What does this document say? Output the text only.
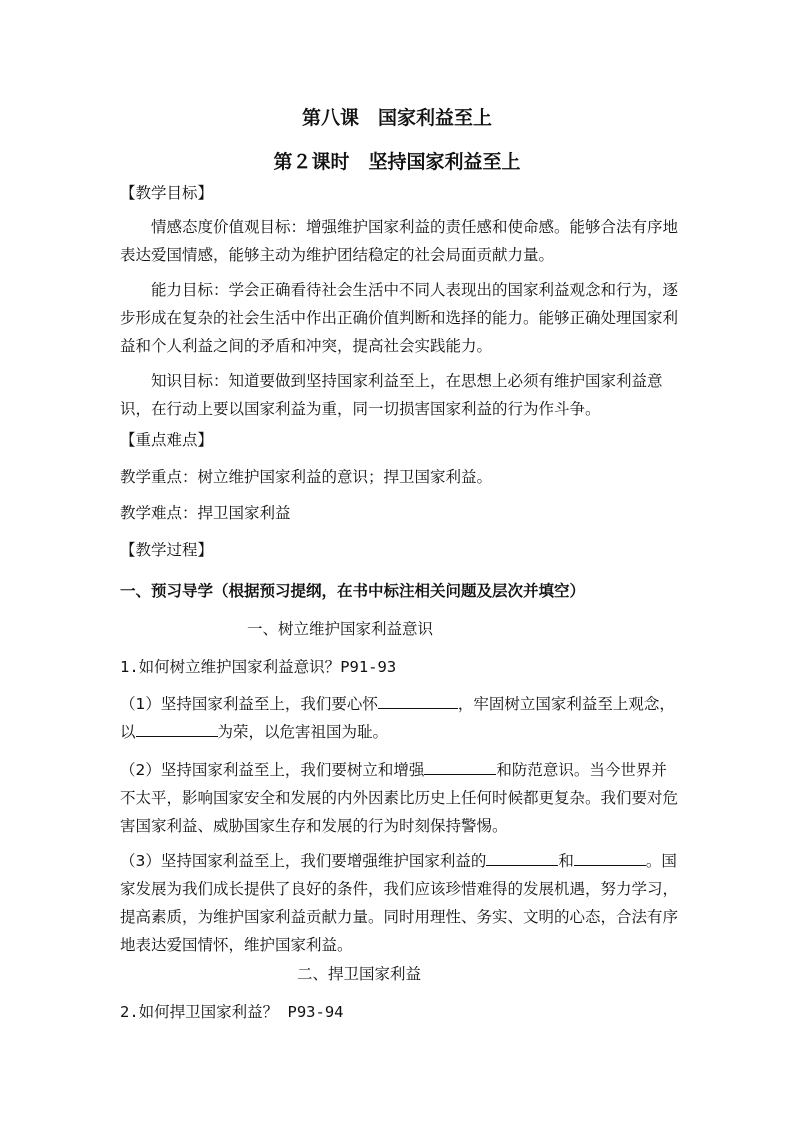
第八课　国家利益至上
第２课时　坚持国家利益至上
【教学目标】

情感态度价值观目标：增强维护国家利益的责任感和使命感。能够合法有序地表达爱国情感，能够主动为维护团结稳定的社会局面贡献力量。

能力目标：学会正确看待社会生活中不同人表现出的国家利益观念和行为，逐步形成在复杂的社会生活中作出正确价值判断和选择的能力。能够正确处理国家利益和个人利益之间的矛盾和冲突，提高社会实践能力。

知识目标：知道要做到坚持国家利益至上，在思想上必须有维护国家利益意识，在行动上要以国家利益为重，同一切损害国家利益的行为作斗争。

【重点难点】
教学重点：树立维护国家利益的意识；捍卫国家利益。
教学难点：捍卫国家利益
【教学过程】
一、预习导学（根据预习提纲，在书中标注相关问题及层次并填空）
一、树立维护国家利益意识
1.如何树立维护国家利益意识？P91-93

（1）坚持国家利益至上，我们要心怀	，牢固树立国家利益至上观念，以	为荣，以危害祖国为耻。

（2）坚持国家利益至上，我们要树立和增强	和防范意识。当今世界并不太平，影响国家安全和发展的内外因素比历史上任何时候都更复杂。我们要对危害国家利益、威胁国家生存和发展的行为时刻保持警惕。

（3）坚持国家利益至上，我们要增强维护国家利益的	和	。国家发展为我们成长提供了良好的条件，我们应该珍惜难得的发展机遇，努力学习，提高素质，为维护国家利益贡献力量。同时用理性、务实、文明的心态，合法有序地表达爱国情怀，维护国家利益。

二、捍卫国家利益
2.如何捍卫国家利益？ P93-94
